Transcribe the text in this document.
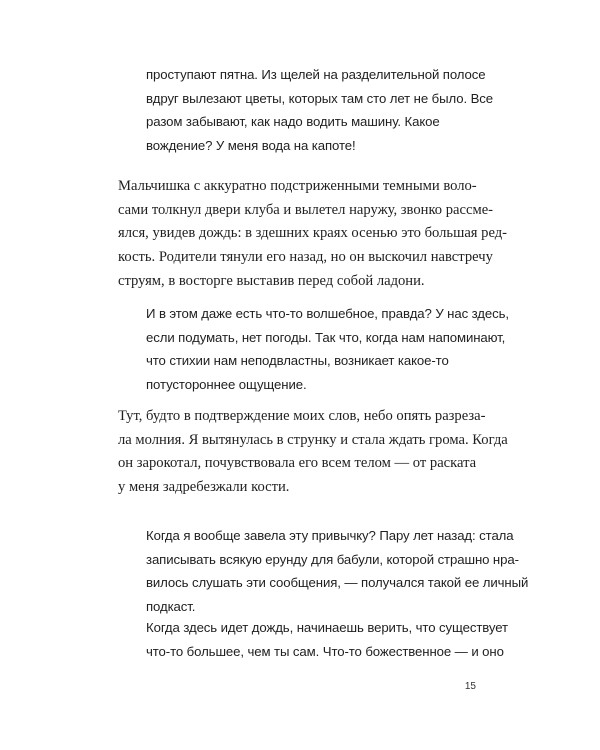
проступают пятна. Из щелей на разделительной полосе
вдруг вылезают цветы, которых там сто лет не было. Все
разом забывают, как надо водить машину. Какое
вождение? У меня вода на капоте!
Мальчишка с аккуратно подстриженными темными воло-
сами толкнул двери клуба и вылетел наружу, звонко рассме-
ялся, увидев дождь: в здешних краях осенью это большая ред-
кость. Родители тянули его назад, но он выскочил навстречу
струям, в восторге выставив перед собой ладони.
И в этом даже есть что-то волшебное, правда? У нас здесь,
если подумать, нет погоды. Так что, когда нам напоминают,
что стихии нам неподвластны, возникает какое-то
потустороннее ощущение.
Тут, будто в подтверждение моих слов, небо опять разреза-
ла молния. Я вытянулась в струнку и стала ждать грома. Когда
он зарокотал, почувствовала его всем телом — от раската
у меня задребезжали кости.
Когда я вообще завела эту привычку? Пару лет назад: стала
записывать всякую ерунду для бабули, которой страшно нра-
вилось слушать эти сообщения, — получался такой ее личный
подкаст.
Когда здесь идет дождь, начинаешь верить, что существует
что-то большее, чем ты сам. Что-то божественное — и оно
15
